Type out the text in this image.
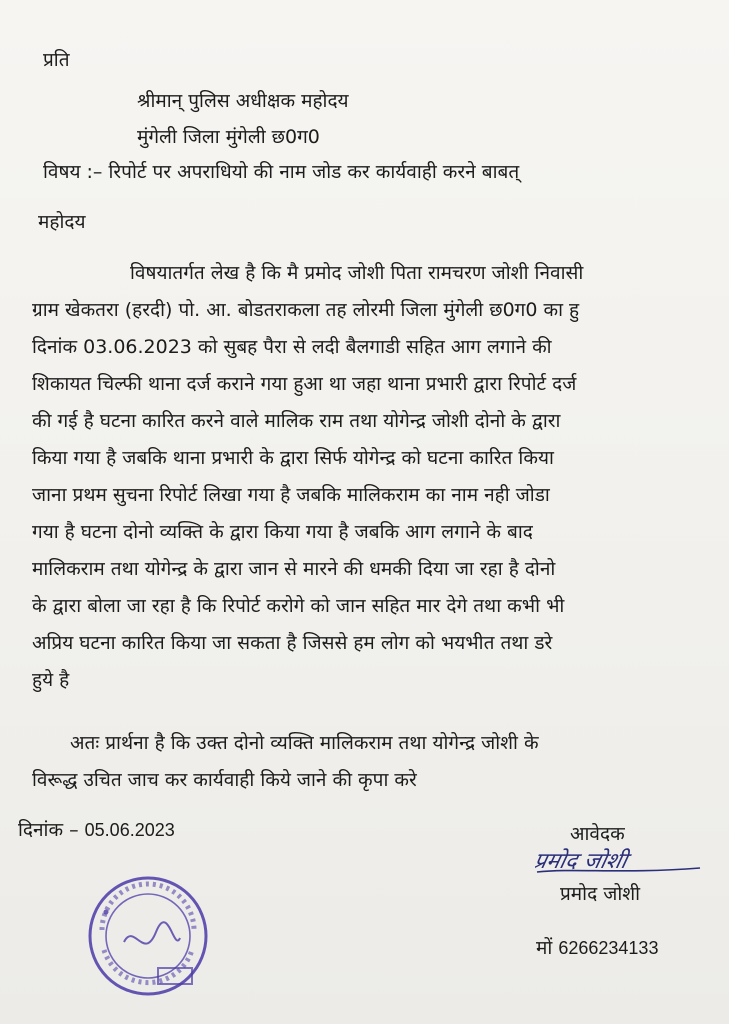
प्रति
श्रीमान् पुलिस अधीक्षक महोदय
मुंगेली जिला मुंगेली छ0ग0
विषय :– रिपोर्ट पर अपराधियो की नाम जोड कर कार्यवाही करने बाबत्
महोदय
विषयातर्गत लेख है कि मै प्रमोद जोशी पिता रामचरण जोशी निवासी
ग्राम खेकतरा (हरदी) पो. आ. बोडतराकला तह लोरमी जिला मुंगेली छ0ग0 का हु
दिनांक 03.06.2023 को सुबह पैरा से लदी बैलगाडी सहित आग लगाने की
शिकायत चिल्फी थाना दर्ज कराने गया हुआ था जहा थाना प्रभारी द्वारा रिपोर्ट दर्ज
की गई है घटना कारित करने वाले मालिक राम तथा योगेन्द्र जोशी दोनो के द्वारा
किया गया है जबकि थाना प्रभारी के द्वारा सिर्फ योगेन्द्र को घटना कारित किया
जाना प्रथम सुचना रिपोर्ट लिखा गया है जबकि मालिकराम का नाम नही जोडा
गया है घटना दोनो व्यक्ति के द्वारा किया गया है जबकि आग लगाने के बाद
मालिकराम तथा योगेन्द्र के द्वारा जान से मारने की धमकी दिया जा रहा है दोनो
के द्वारा बोला जा रहा है कि रिपोर्ट करोगे को जान सहित मार देगे तथा कभी भी
अप्रिय घटना कारित किया जा सकता है जिससे हम लोग को भयभीत तथा डरे
हुये है
अतः प्रार्थना है कि उक्त दोनो व्यक्ति मालिकराम तथा योगेन्द्र जोशी के
विरूद्ध उचित जाच कर कार्यवाही किये जाने की कृपा करे
दिनांक – 05.06.2023	आवेदक
प्रमोद जोशी
प्रमोद जोशी
मों 6266234133
